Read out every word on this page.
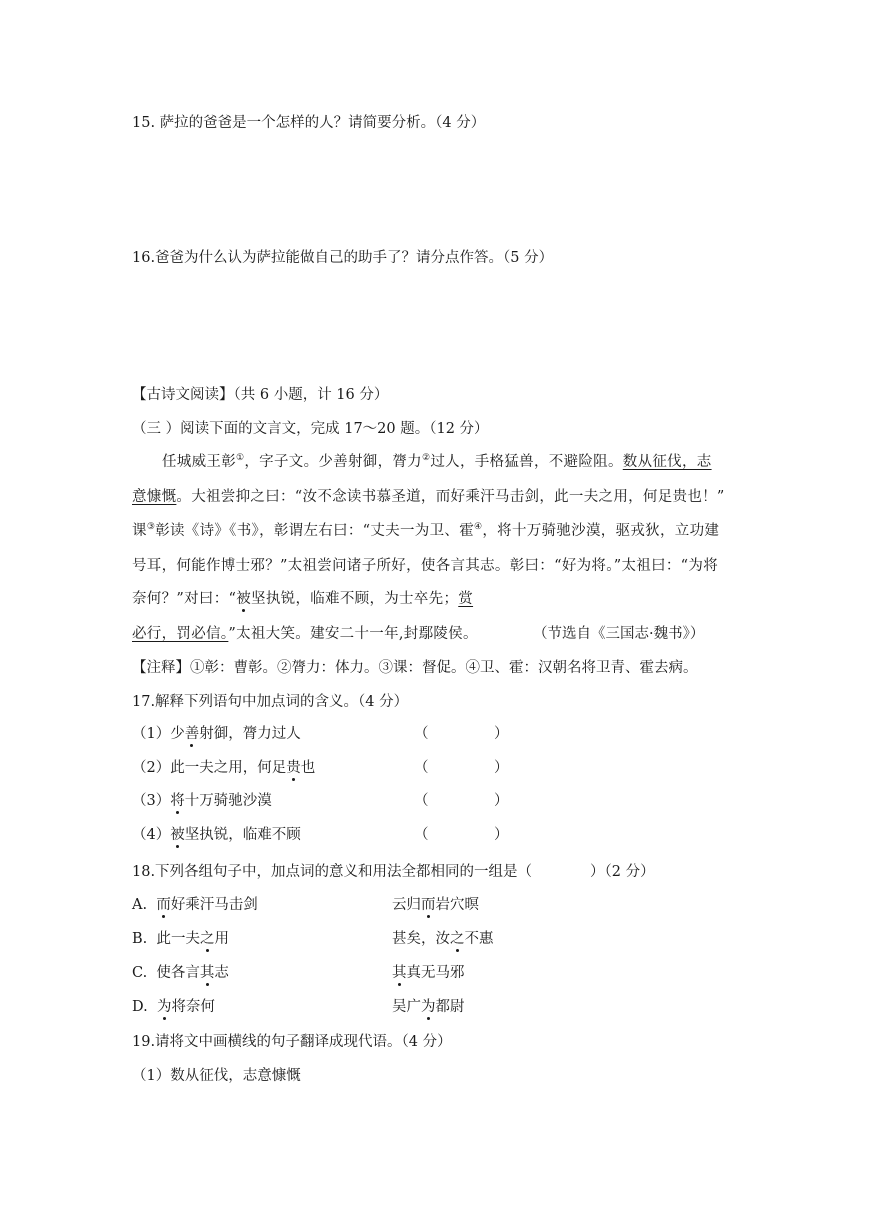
15. 萨拉的爸爸是一个怎样的人？请简要分析。（4 分）
16.爸爸为什么认为萨拉能做自己的助手了？请分点作答。（5 分）
【古诗文阅读】（共 6 小题，计 16 分）
（三 ）阅读下面的文言文，完成 17～20 题。（12 分）
任城威王彰①，字子文。少善射御，膂力②过人，手格猛兽，不避险阻。数从征伐，志
意慷慨。大祖尝抑之曰：“汝不念读书慕圣道，而好乘汗马击剑，此一夫之用，何足贵也！”
课③彰读《诗》《书》，彰谓左右曰：“丈夫一为卫、霍④，将十万骑驰沙漠，驱戎狄，立功建
号耳，何能作博士邪？”太祖尝问诸子所好，使各言其志。彰曰：“好为将。”太祖曰：“为将
奈何？”对曰：“被坚执锐，临难不顾，为士卒先；赏
必行，罚必信。”太祖大笑。建安二十一年,封鄢陵侯。	（节选自《三国志·魏书》）
【注释】①彰：曹彰。②膂力：体力。③课：督促。④卫、霍：汉朝名将卫青、霍去病。
17.解释下列语句中加点词的含义。（4 分）
（1）少善射御，膂力过人	（	）
（2）此一夫之用，何足贵也	（	）
（3）将十万骑驰沙漠	（	）
（4）被坚执锐，临难不顾	（	）
18.下列各组句子中，加点词的意义和用法全都相同的一组是（　　　　）（2 分）
A. 而好乘汗马击剑	云归而岩穴暝
B. 此一夫之用	甚矣，汝之不惠
C. 使各言其志	其真无马邪
D. 为将奈何	吴广为都尉
19.请将文中画横线的句子翻译成现代语。（4 分）
（1）数从征伐，志意慷慨
